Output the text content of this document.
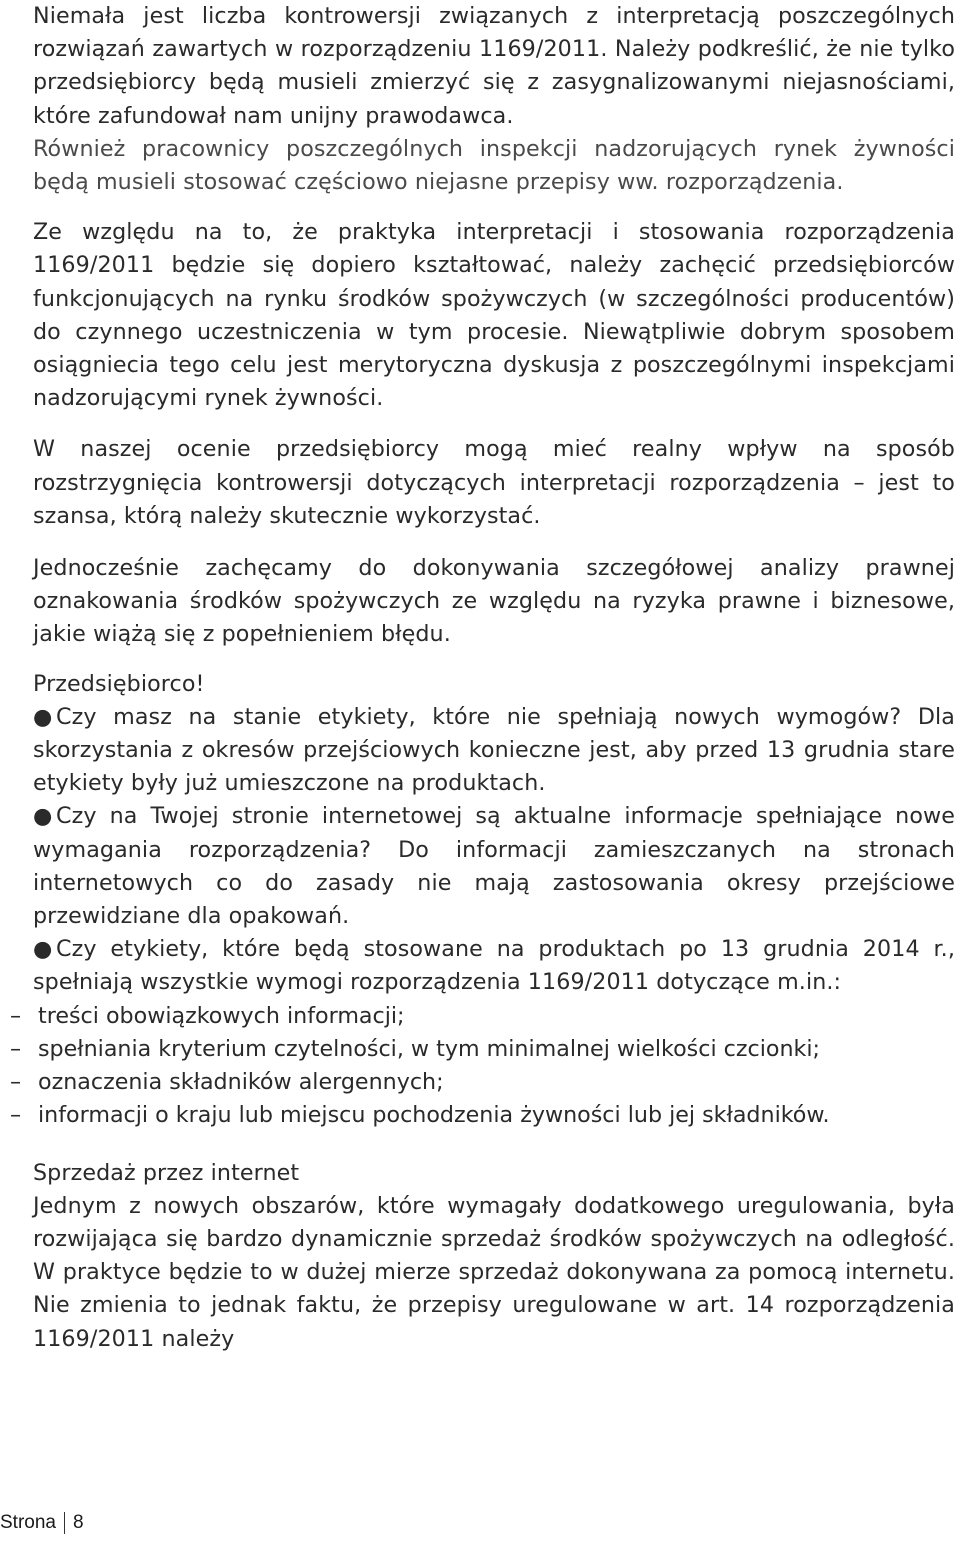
Niemała jest liczba kontrowersji związanych z interpretacją poszczególnych rozwiązań zawartych w rozporządzeniu 1169/2011. Należy podkreślić, że nie tylko przedsiębiorcy będą musieli zmierzyć się z zasygnalizowanymi niejasnościami, które zafundował nam unijny prawodawca.

Również pracownicy poszczególnych inspekcji nadzorujących rynek żywności będą musieli stosować częściowo niejasne przepisy ww. rozporządzenia.

Ze względu na to, że praktyka interpretacji i stosowania rozporządzenia 1169/2011 będzie się dopiero kształtować, należy zachęcić przedsiębiorców funkcjonujących na rynku środków spożywczych (w szczególności producentów) do czynnego uczestniczenia w tym procesie. Niewątpliwie dobrym sposobem osiągniecia tego celu jest merytoryczna dyskusja z poszczególnymi inspekcjami nadzorującymi rynek żywności.

W naszej ocenie przedsiębiorcy mogą mieć realny wpływ na sposób rozstrzygnięcia kontrowersji dotyczących interpretacji rozporządzenia – jest to szansa, którą należy skutecznie wykorzystać.

Jednocześnie zachęcamy do dokonywania szczegółowej analizy prawnej oznakowania środków spożywczych ze względu na ryzyka prawne i biznesowe, jakie wiążą się z popełnieniem błędu.

Przedsiębiorco!

● Czy masz na stanie etykiety, które nie spełniają nowych wymogów? Dla skorzystania z okresów przejściowych konieczne jest, aby przed 13 grudnia stare etykiety były już umieszczone na produktach.

● Czy na Twojej stronie internetowej są aktualne informacje spełniające nowe wymagania rozporządzenia? Do informacji zamieszczanych na stronach internetowych co do zasady nie mają zastosowania okresy przejściowe przewidziane dla opakowań.

● Czy etykiety, które będą stosowane na produktach po 13 grudnia 2014 r., spełniają wszystkie wymogi rozporządzenia 1169/2011 dotyczące m.in.:

– treści obowiązkowych informacji;
– spełniania kryterium czytelności, w tym minimalnej wielkości czcionki;
– oznaczenia składników alergennych;
– informacji o kraju lub miejscu pochodzenia żywności lub jej składników.

Sprzedaż przez internet

Jednym z nowych obszarów, które wymagały dodatkowego uregulowania, była rozwijająca się bardzo dynamicznie sprzedaż środków spożywczych na odległość. W praktyce będzie to w dużej mierze sprzedaż dokonywana za pomocą internetu. Nie zmienia to jednak faktu, że przepisy uregulowane w art. 14 rozporządzenia 1169/2011 należy

Strona 8
